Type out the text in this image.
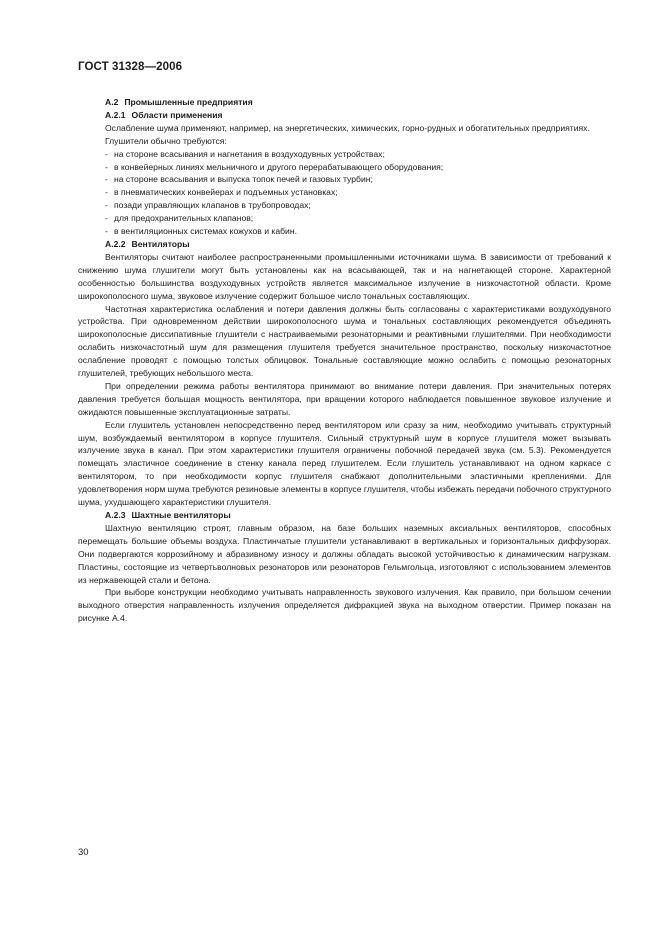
ГОСТ 31328—2006
A.2 Промышленные предприятия
A.2.1 Области применения

Ослабление шума применяют, например, на энергетических, химических, горно-рудных и обогатительных предприятиях.

Глушители обычно требуются:

- на стороне всасывания и нагнетания в воздуходувных устройствах;
- в конвейерных линиях мельничного и другого перерабатывающего оборудования;
- на стороне всасывания и выпуска топок печей и газовых турбин;
- в пневматических конвейерах и подъемных установках;
- позади управляющих клапанов в трубопроводах;
- для предохранительных клапанов;
- в вентиляционных системах кожухов и кабин.
A.2.2 Вентиляторы

Вентиляторы считают наиболее распространенными промышленными источниками шума. В зависимости от требований к снижению шума глушители могут быть установлены как на всасывающей, так и на нагнетающей стороне. Характерной особенностью большинства воздуходувных устройств является максимальное излучение в низкочастотной области. Кроме широкополосного шума, звуковое излучение содержит большое число тональных составляющих.

Частотная характеристика ослабления и потери давления должны быть согласованы с характеристиками воздуходувного устройства. При одновременном действии широкополосного шума и тональных составляющих рекомендуется объединять широкополосные диссипативные глушители с настраиваемыми резонаторными и реактивными глушителями. При необходимости ослабить низкочастотный шум для размещения глушителя требуется значительное пространство, поскольку низкочастотное ослабление проводят с помощью толстых облицовок. Тональные составляющие можно ослабить с помощью резонаторных глушителей, требующих небольшого места.

При определении режима работы вентилятора принимают во внимание потери давления. При значительных потерях давления требуется большая мощность вентилятора, при вращении которого наблюдается повышенное звуковое излучение и ожидаются повышенные эксплуатационные затраты.

Если глушитель установлен непосредственно перед вентилятором или сразу за ним, необходимо учитывать структурный шум, возбуждаемый вентилятором в корпусе глушителя. Сильный структурный шум в корпусе глушителя может вызывать излучение звука в канал. При этом характеристики глушителя ограничены побочной передачей звука (см. 5.3). Рекомендуется помещать эластичное соединение в стенку канала перед глушителем. Если глушитель устанавливают на одном каркасе с вентилятором, то при необходимости корпус глушителя снабжают дополнительными эластичными креплениями. Для удовлетворения норм шума требуются резиновые элементы в корпусе глушителя, чтобы избежать передачи побочного структурного шума, ухудшающего характеристики глушителя.

A.2.3 Шахтные вентиляторы

Шахтную вентиляцию строят, главным образом, на базе больших наземных аксиальных вентиляторов, способных перемещать большие объемы воздуха. Пластинчатые глушители устанавливают в вертикальных и горизонтальных диффузорах. Они подвергаются коррозийному и абразивному износу и должны обладать высокой устойчивостью к динамическим нагрузкам. Пластины, состоящие из четвертьволновых резонаторов или резонаторов Гельмгольца, изготовляют с использованием элементов из нержавеющей стали и бетона.

При выборе конструкции необходимо учитывать направленность звукового излучения. Как правило, при большом сечении выходного отверстия направленность излучения определяется дифракцией звука на выходном отверстии. Пример показан на рисунке А.4.

30
